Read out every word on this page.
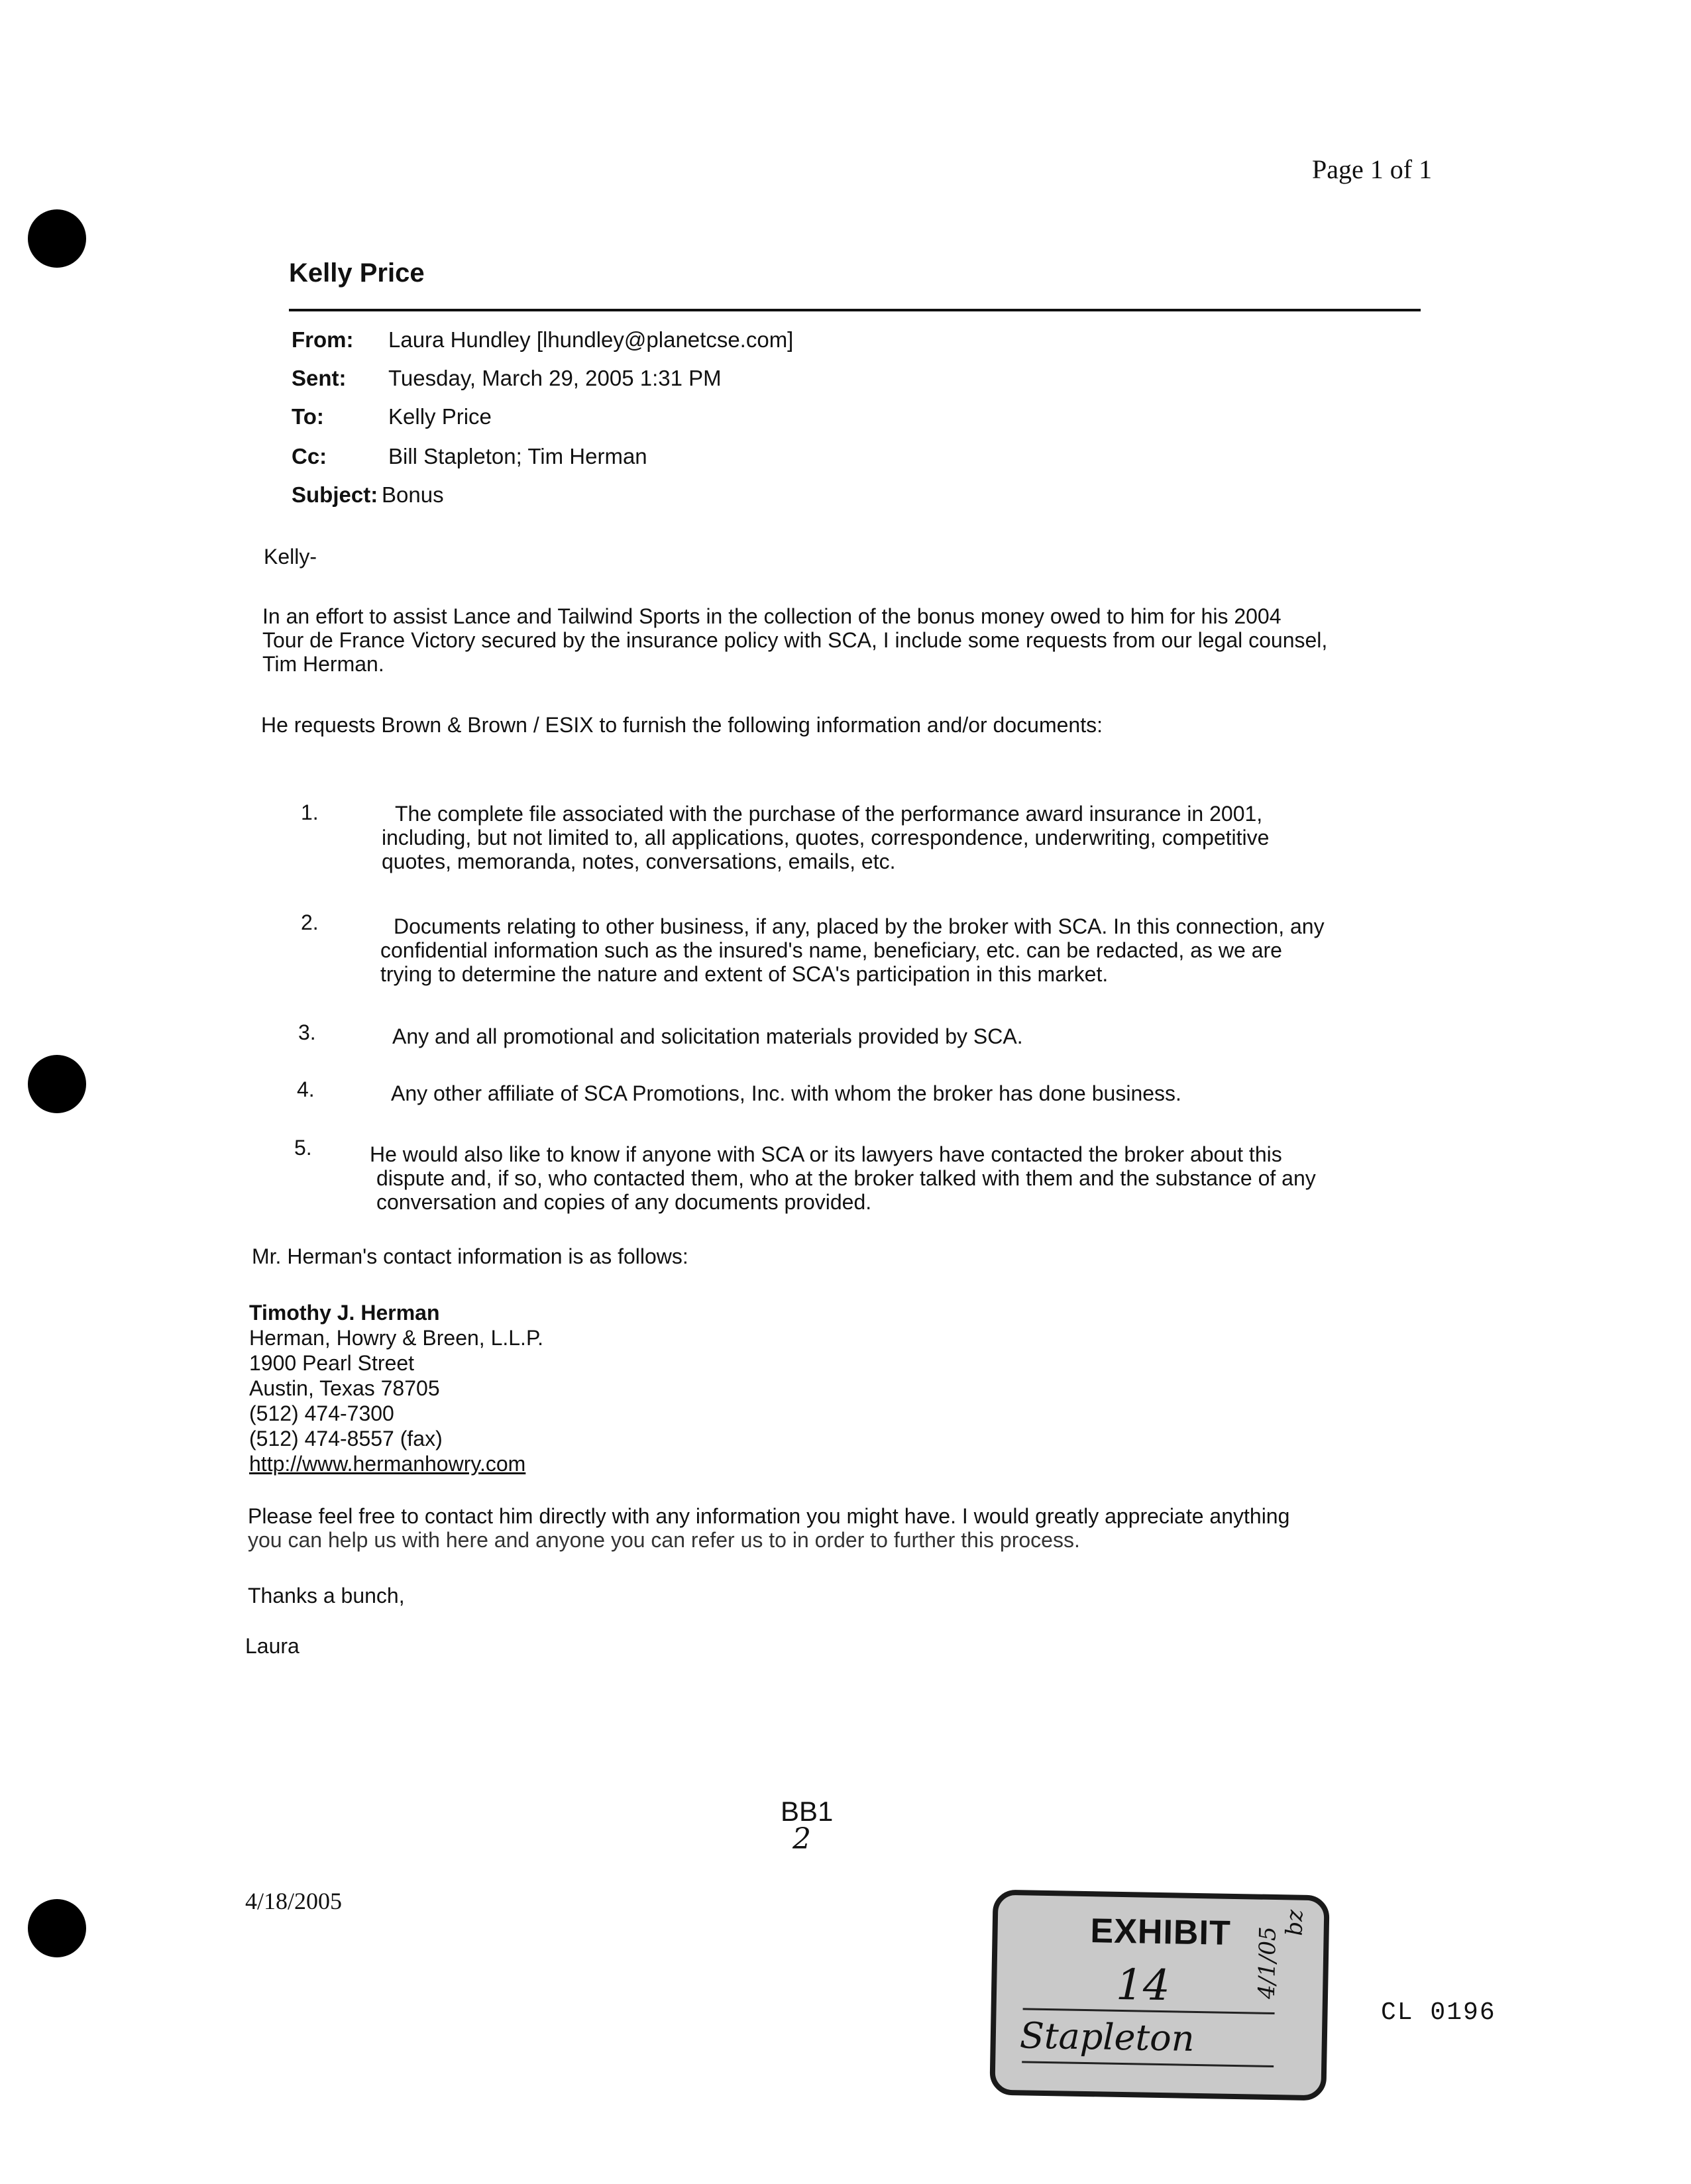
Page 1 of 1
Kelly Price
From: Laura Hundley [lhundley@planetcse.com]
Sent: Tuesday, March 29, 2005 1:31 PM
To:	Kelly Price
Cc:	Bill Stapleton; Tim Herman
Subject: Bonus
Kelly-
In an effort to assist Lance and Tailwind Sports in the collection of the bonus money owed to him for his 2004
Tour de France Victory secured by the insurance policy with SCA, I include some requests from our legal counsel,
Tim Herman.
He requests Brown & Brown / ESIX to furnish the following information and/or documents:
1.	The complete file associated with the purchase of the performance award insurance in 2001,
including, but not limited to, all applications, quotes, correspondence, underwriting, competitive
quotes, memoranda, notes, conversations, emails, etc.
2.	Documents relating to other business, if any, placed by the broker with SCA. In this connection, any
confidential information such as the insured's name, beneficiary, etc. can be redacted, as we are
trying to determine the nature and extent of SCA's participation in this market.
3.	Any and all promotional and solicitation materials provided by SCA.
4.	Any other affiliate of SCA Promotions, Inc. with whom the broker has done business.
5.	He would also like to know if anyone with SCA or its lawyers have contacted the broker about this
dispute and, if so, who contacted them, who at the broker talked with them and the substance of any
conversation and copies of any documents provided.
Mr. Herman's contact information is as follows:
Timothy J. Herman
Herman, Howry & Breen, L.L.P.
1900 Pearl Street
Austin, Texas 78705
(512) 474-7300
(512) 474-8557 (fax)
http://www.hermanhowry.com
Please feel free to contact him directly with any information you might have. I would greatly appreciate anything
you can help us with here and anyone you can refer us to in order to further this process.
Thanks a bunch,
Laura
BB1
2
4/18/2005
CL 0196
EXHIBIT
14
Stapleton
4/1/05
bz
